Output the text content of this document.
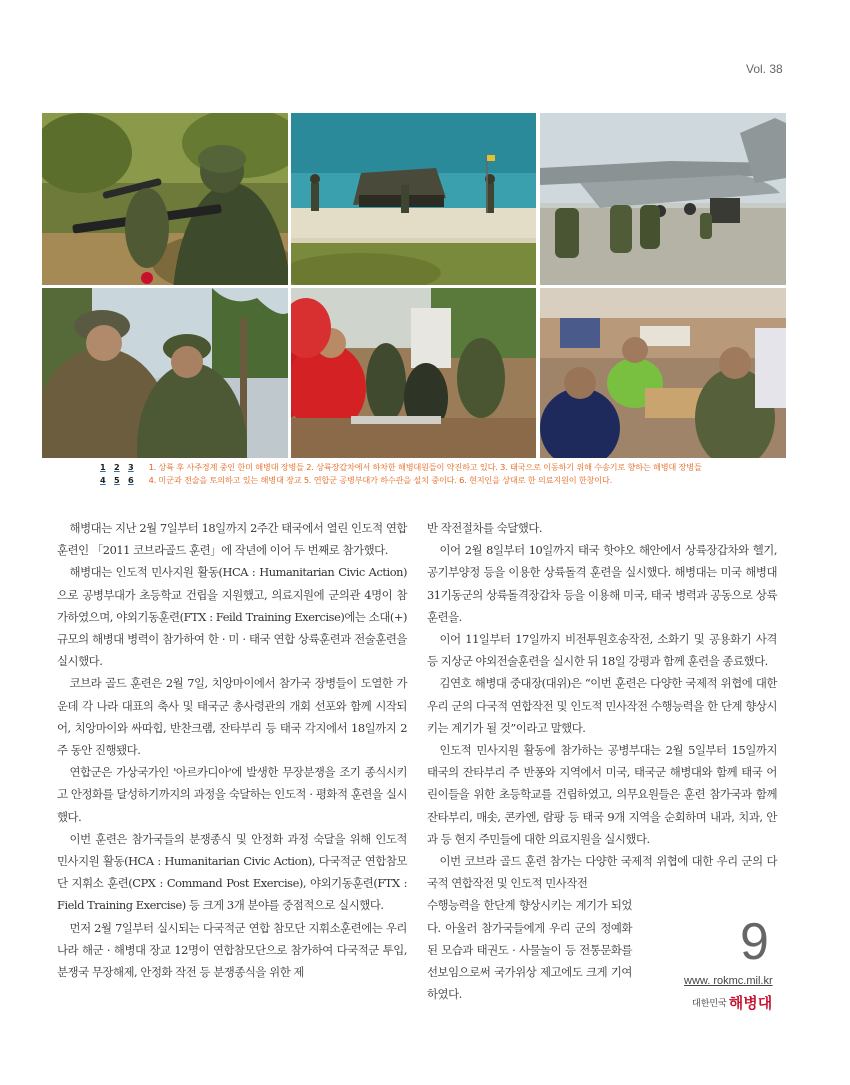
Vol. 38
1 2 3 1. 상륙 후 사주경계 중인 한미 해병대 장병들 2. 상륙장갑차에서 하차한 해병대원들이 약진하고 있다. 3. 태국으로 이동하기 위해 수송기로 향하는 해병대 장병들
4 5 6 4. 미군과 전술을 토의하고 있는 해병대 장교 5. 연합군 공병부대가 하수관을 설치 중이다. 6. 현지인을 상대로 한 의료지원이 한창이다.

해병대는 지난 2월 7일부터 18일까지 2주간 태국에서 열린 인도적 연합훈련인 「2011 코브라골드 훈련」에 작년에 이어 두 번째로 참가했다.

해병대는 인도적 민사지원 활동(HCA : Humanitarian Civic Action)으로 공병부대가 초등학교 건립을 지원했고, 의료지원에 군의관 4명이 참가하였으며, 야외기동훈련(FTX : Feild Training Exercise)에는 소대(+) 규모의 해병대 병력이 참가하여 한 · 미 · 태국 연합 상륙훈련과 전술훈련을 실시했다.

코브라 골드 훈련은 2월 7일, 치앙마이에서 참가국 장병들이 도열한 가운데 각 나라 대표의 축사 및 태국군 총사령관의 개회 선포와 함께 시작되어, 치앙마이와 싸따힙, 반찬크램, 잔타부리 등 태국 각지에서 18일까지 2주 동안 진행됐다.

연합군은 가상국가인 '아르카디아'에 발생한 무장분쟁을 조기 종식시키고 안정화를 달성하기까지의 과정을 숙달하는 인도적 · 평화적 훈련을 실시했다.

이번 훈련은 참가국들의 분쟁종식 및 안정화 과정 숙달을 위해 인도적 민사지원 활동(HCA : Humanitarian Civic Action), 다국적군 연합참모단 지휘소 훈련(CPX : Command Post Exercise), 야외기동훈련(FTX : Field Training Exercise) 등 크게 3개 분야를 중점적으로 실시했다.

먼저 2월 7일부터 실시되는 다국적군 연합 참모단 지휘소훈련에는 우리나라 해군 · 해병대 장교 12명이 연합참모단으로 참가하여 다국적군 투입, 분쟁국 무장해제, 안정화 작전 등 분쟁종식을 위한 제

반 작전절차를 숙달했다.

이어 2월 8일부터 10일까지 태국 핫야오 해안에서 상륙장갑차와 헬기, 공기부양정 등을 이용한 상륙돌격 훈련을 실시했다. 해병대는 미국 해병대 31기동군의 상륙돌격장갑차 등을 이용해 미국, 태국 병력과 공동으로 상륙훈련을.

이어 11일부터 17일까지 비전투원호송작전, 소화기 및 공용화기 사격 등 지상군 야외전술훈련을 실시한 뒤 18일 강평과 함께 훈련을 종료했다.

김연호 해병대 중대장(대위)은 “이번 훈련은 다양한 국제적 위협에 대한 우리 군의 다국적 연합작전 및 인도적 민사작전 수행능력을 한 단계 향상시키는 계기가 될 것”이라고 말했다.

인도적 민사지원 활동에 참가하는 공병부대는 2월 5일부터 15일까지 태국의 잔타부리 주 반퐁와 지역에서 미국, 태국군 해병대와 함께 태국 어린이들을 위한 초등학교를 건립하였고, 의무요원들은 훈련 참가국과 함께 잔타부리, 매솟, 콘카엔, 람팡 등 태국 9개 지역을 순회하며 내과, 치과, 안과 등 현지 주민들에 대한 의료지원을 실시했다.

이번 코브라 골드 훈련 참가는 다양한 국제적 위협에 대한 우리 군의 다국적 연합작전 및 인도적 민사작전

수행능력을 한단계 향상시키는 계기가 되었다. 아울러 참가국들에게 우리 군의 정예화된 모습과 태권도 · 사물놀이 등 전통문화를 선보임으로써 국가위상 제고에도 크게 기여하였다.

9
www. rokmc.mil.kr
대한민국 해병대
